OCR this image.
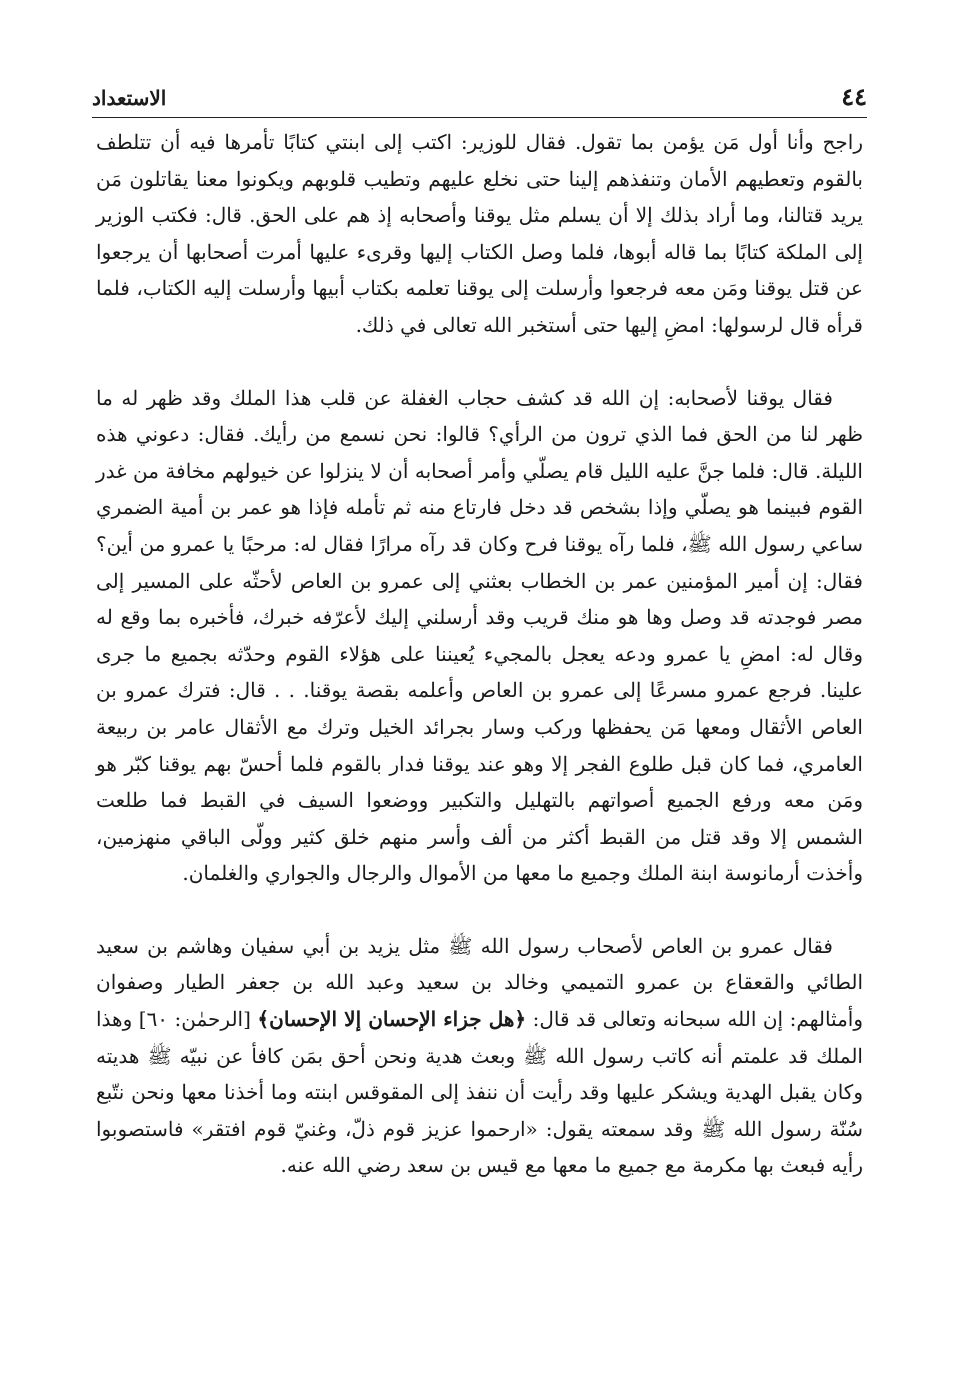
٤٤
الاستعداد

راجح وأنا أول مَن يؤمن بما تقول. فقال للوزير: اكتب إلى ابنتي كتابًا تأمرها فيه أن تتلطف بالقوم وتعطيهم الأمان وتنفذهم إلينا حتى نخلع عليهم وتطيب قلوبهم ويكونوا معنا يقاتلون مَن يريد قتالنا، وما أراد بذلك إلا أن يسلم مثل يوقنا وأصحابه إذ هم على الحق. قال: فكتب الوزير إلى الملكة كتابًا بما قاله أبوها، فلما وصل الكتاب إليها وقرىء عليها أمرت أصحابها أن يرجعوا عن قتل يوقنا ومَن معه فرجعوا وأرسلت إلى يوقنا تعلمه بكتاب أبيها وأرسلت إليه الكتاب، فلما قرأه قال لرسولها: امضِ إليها حتى أستخبر الله تعالى في ذلك.

فقال يوقنا لأصحابه: إن الله قد كشف حجاب الغفلة عن قلب هذا الملك وقد ظهر له ما ظهر لنا من الحق فما الذي ترون من الرأي؟ قالوا: نحن نسمع من رأيك. فقال: دعوني هذه الليلة. قال: فلما جنَّ عليه الليل قام يصلّي وأمر أصحابه أن لا ينزلوا عن خيولهم مخافة من غدر القوم فبينما هو يصلّي وإذا بشخص قد دخل فارتاع منه ثم تأمله فإذا هو عمر بن أمية الضمري ساعي رسول الله ﷺ، فلما رآه يوقنا فرح وكان قد رآه مرارًا فقال له: مرحبًا يا عمرو من أين؟ فقال: إن أمير المؤمنين عمر بن الخطاب بعثني إلى عمرو بن العاص لأحثّه على المسير إلى مصر فوجدته قد وصل وها هو منك قريب وقد أرسلني إليك لأعرّفه خبرك، فأخبره بما وقع له وقال له: امضِ يا عمرو ودعه يعجل بالمجيء يُعيننا على هؤلاء القوم وحدّثه بجميع ما جرى علينا. فرجع عمرو مسرعًا إلى عمرو بن العاص وأعلمه بقصة يوقنا. . . قال: فترك عمرو بن العاص الأثقال ومعها مَن يحفظها وركب وسار بجرائد الخيل وترك مع الأثقال عامر بن ربيعة العامري، فما كان قبل طلوع الفجر إلا وهو عند يوقنا فدار بالقوم فلما أحسّ بهم يوقنا كبّر هو ومَن معه ورفع الجميع أصواتهم بالتهليل والتكبير ووضعوا السيف في القبط فما طلعت الشمس إلا وقد قتل من القبط أكثر من ألف وأسر منهم خلق كثير وولّى الباقي منهزمين، وأخذت أرمانوسة ابنة الملك وجميع ما معها من الأموال والرجال والجواري والغلمان.

فقال عمرو بن العاص لأصحاب رسول الله ﷺ مثل يزيد بن أبي سفيان وهاشم بن سعيد الطائي والقعقاع بن عمرو التميمي وخالد بن سعيد وعبد الله بن جعفر الطيار وصفوان وأمثالهم: إن الله سبحانه وتعالى قد قال: ﴿هل جزاء الإحسان إلا الإحسان﴾ [الرحمٰن: ٦٠] وهذا الملك قد علمتم أنه كاتب رسول الله ﷺ وبعث هدية ونحن أحق بمَن كافأ عن نبيّه ﷺ هديته وكان يقبل الهدية ويشكر عليها وقد رأيت أن ننفذ إلى المقوقس ابنته وما أخذنا معها ونحن نتّبع سُنّة رسول الله ﷺ وقد سمعته يقول: «ارحموا عزيز قوم ذلّ، وغنيّ قوم افتقر» فاستصوبوا رأيه فبعث بها مكرمة مع جميع ما معها مع قيس بن سعد رضي الله عنه.
